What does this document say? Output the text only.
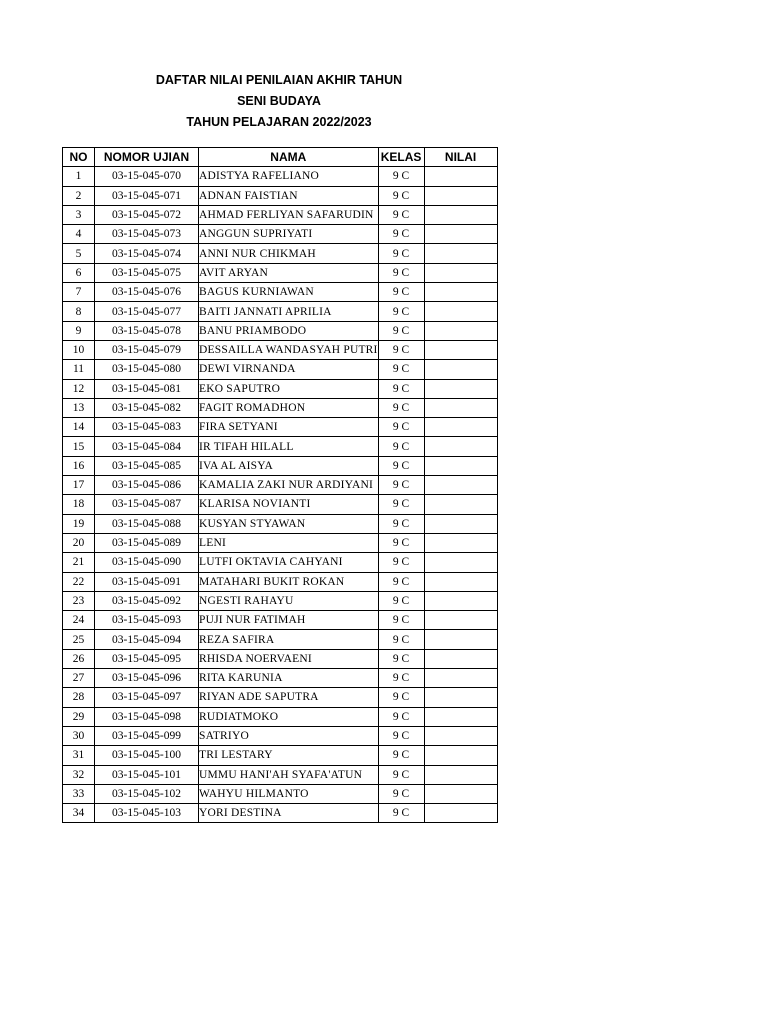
DAFTAR NILAI PENILAIAN AKHIR TAHUN
SENI BUDAYA
TAHUN PELAJARAN 2022/2023
NO	NOMOR UJIAN	NAMA	KELAS	NILAI
1	03-15-045-070	ADISTYA RAFELIANO	9 C	
2	03-15-045-071	ADNAN FAISTIAN	9 C	
3	03-15-045-072	AHMAD FERLIYAN SAFARUDIN	9 C	
4	03-15-045-073	ANGGUN SUPRIYATI	9 C	
5	03-15-045-074	ANNI NUR CHIKMAH	9 C	
6	03-15-045-075	AVIT ARYAN	9 C	
7	03-15-045-076	BAGUS KURNIAWAN	9 C	
8	03-15-045-077	BAITI JANNATI APRILIA	9 C	
9	03-15-045-078	BANU PRIAMBODO	9 C	
10	03-15-045-079	DESSAILLA WANDASYAH PUTRI	9 C	
11	03-15-045-080	DEWI VIRNANDA	9 C	
12	03-15-045-081	EKO SAPUTRO	9 C	
13	03-15-045-082	FAGIT ROMADHON	9 C	
14	03-15-045-083	FIRA SETYANI	9 C	
15	03-15-045-084	IR TIFAH HILALL	9 C	
16	03-15-045-085	IVA AL AISYA	9 C	
17	03-15-045-086	KAMALIA ZAKI NUR ARDIYANI	9 C	
18	03-15-045-087	KLARISA NOVIANTI	9 C	
19	03-15-045-088	KUSYAN STYAWAN	9 C	
20	03-15-045-089	LENI	9 C	
21	03-15-045-090	LUTFI OKTAVIA CAHYANI	9 C	
22	03-15-045-091	MATAHARI BUKIT ROKAN	9 C	
23	03-15-045-092	NGESTI RAHAYU	9 C	
24	03-15-045-093	PUJI NUR FATIMAH	9 C	
25	03-15-045-094	REZA SAFIRA	9 C	
26	03-15-045-095	RHISDA NOERVAENI	9 C	
27	03-15-045-096	RITA KARUNIA	9 C	
28	03-15-045-097	RIYAN ADE SAPUTRA	9 C	
29	03-15-045-098	RUDIATMOKO	9 C	
30	03-15-045-099	SATRIYO	9 C	
31	03-15-045-100	TRI LESTARY	9 C	
32	03-15-045-101	UMMU HANI'AH SYAFA'ATUN	9 C	
33	03-15-045-102	WAHYU HILMANTO	9 C	
34	03-15-045-103	YORI DESTINA	9 C	
